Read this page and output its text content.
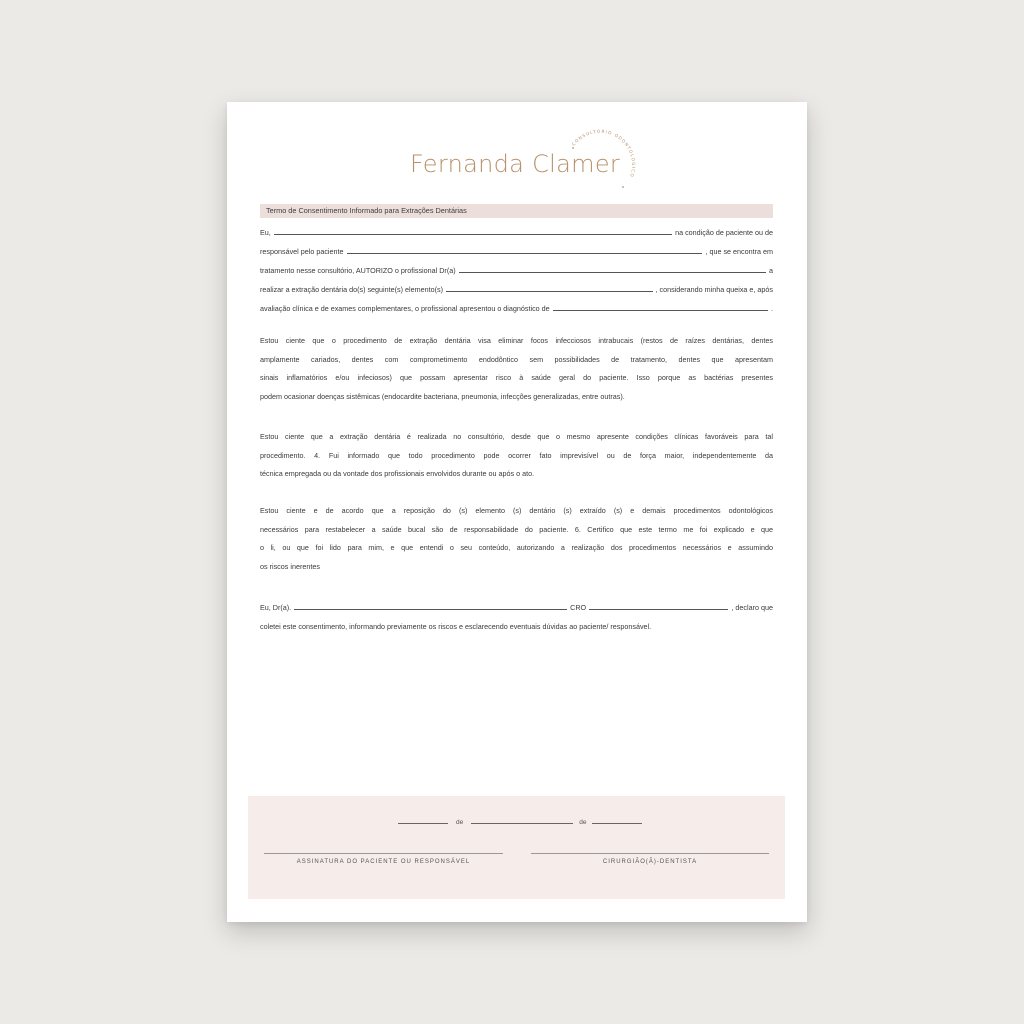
Fernanda Clamer
CONSULTÓRIO ODONTOLÓGICO
Termo de Consentimento Informado para Extrações Dentárias
Eu,	na condição de paciente ou de
responsável pelo paciente	, que se encontra em
tratamento nesse consultório, AUTORIZO o profissional Dr(a)	a
realizar a extração dentária do(s) seguinte(s) elemento(s)	, considerando minha queixa e, após
avaliação clínica e de exames complementares, o profissional apresentou o diagnóstico de	.
Estou ciente que o procedimento de extração dentária visa eliminar focos infecciosos intrabucais (restos de raízes dentárias, dentes
amplamente cariados, dentes com comprometimento endodôntico sem possibilidades de tratamento, dentes que apresentam
sinais inflamatórios e/ou infeciosos) que possam apresentar risco à saúde geral do paciente. Isso porque as bactérias presentes
podem ocasionar doenças sistêmicas (endocardite bacteriana, pneumonia, infecções generalizadas, entre outras).
Estou ciente que a extração dentária é realizada no consultório, desde que o mesmo apresente condições clínicas favoráveis para tal
procedimento. 4. Fui informado que todo procedimento pode ocorrer fato imprevisível ou de força maior, independentemente da
técnica empregada ou da vontade dos profissionais envolvidos durante ou após o ato.
Estou ciente e de acordo que a reposição do (s) elemento (s) dentário (s) extraído (s) e demais procedimentos odontológicos
necessários para restabelecer a saúde bucal são de responsabilidade do paciente. 6. Certifico que este termo me foi explicado e que
o li, ou que foi lido para mim, e que entendi o seu conteúdo, autorizando a realização dos procedimentos necessários e assumindo
os riscos inerentes
Eu, Dr(a).	CRO	, declaro que
coletei este consentimento, informando previamente os riscos e esclarecendo eventuais dúvidas ao paciente/ responsável.
de	de
ASSINATURA DO PACIENTE OU RESPONSÁVEL	CIRURGIÃO(Ã)-DENTISTA
